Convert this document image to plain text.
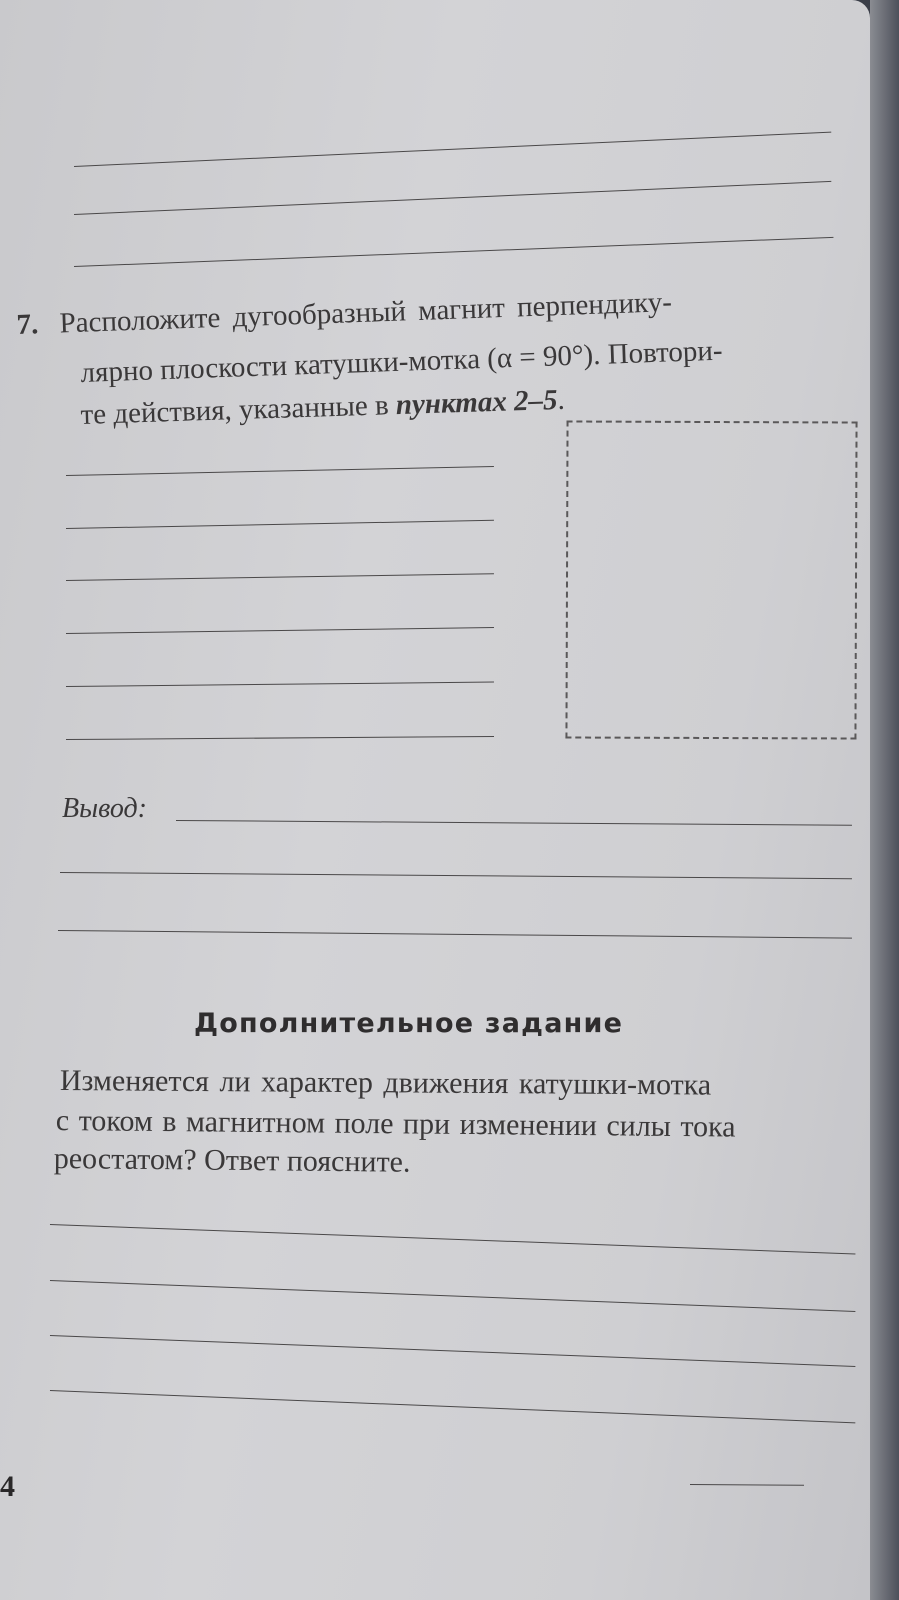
7. Расположите дугообразный магнит перпендику-
лярно плоскости катушки-мотка (α = 90°). Повтори-
те действия, указанные в пунктах 2–5.
Вывод:
Дополнительное задание
Изменяется ли характер движения катушки-мотка
с током в магнитном поле при изменении силы тока
реостатом? Ответ поясните.
4
